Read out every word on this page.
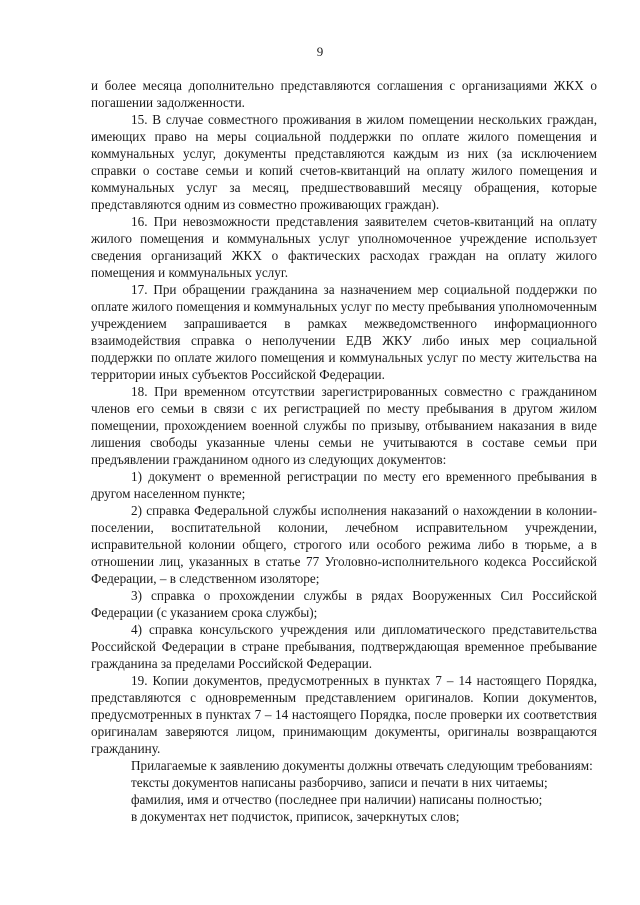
9

и более месяца дополнительно представляются соглашения с организациями ЖКХ о погашении задолженности.

15. В случае совместного проживания в жилом помещении нескольких граждан, имеющих право на меры социальной поддержки по оплате жилого помещения и коммунальных услуг, документы представляются каждым из них (за исключением справки о составе семьи и копий счетов-квитанций на оплату жилого помещения и коммунальных услуг за месяц, предшествовавший месяцу обращения, которые представляются одним из совместно проживающих граждан).

16. При невозможности представления заявителем счетов-квитанций на оплату жилого помещения и коммунальных услуг уполномоченное учреждение использует сведения организаций ЖКХ о фактических расходах граждан на оплату жилого помещения и коммунальных услуг.

17. При обращении гражданина за назначением мер социальной поддержки по оплате жилого помещения и коммунальных услуг по месту пребывания уполномоченным учреждением запрашивается в рамках межведомственного информационного взаимодействия справка о неполучении ЕДВ ЖКУ либо иных мер социальной поддержки по оплате жилого помещения и коммунальных услуг по месту жительства на территории иных субъектов Российской Федерации.

18. При временном отсутствии зарегистрированных совместно с гражданином членов его семьи в связи с их регистрацией по месту пребывания в другом жилом помещении, прохождением военной службы по призыву, отбыванием наказания в виде лишения свободы указанные члены семьи не учитываются в составе семьи при предъявлении гражданином одного из следующих документов:

1) документ о временной регистрации по месту его временного пребывания в другом населенном пункте;

2) справка Федеральной службы исполнения наказаний о нахождении в колонии-поселении, воспитательной колонии, лечебном исправительном учреждении, исправительной колонии общего, строгого или особого режима либо в тюрьме, а в отношении лиц, указанных в статье 77 Уголовно-исполнительного кодекса Российской Федерации, – в следственном изоляторе;

3) справка о прохождении службы в рядах Вооруженных Сил Российской Федерации (с указанием срока службы);

4) справка консульского учреждения или дипломатического представительства Российской Федерации в стране пребывания, подтверждающая временное пребывание гражданина за пределами Российской Федерации.

19. Копии документов, предусмотренных в пунктах 7 – 14 настоящего Порядка, представляются с одновременным представлением оригиналов. Копии документов, предусмотренных в пунктах 7 – 14 настоящего Порядка, после проверки их соответствия оригиналам заверяются лицом, принимающим документы, оригиналы возвращаются гражданину.

Прилагаемые к заявлению документы должны отвечать следующим требованиям:

тексты документов написаны разборчиво, записи и печати в них читаемы;

фамилия, имя и отчество (последнее при наличии) написаны полностью;

в документах нет подчисток, приписок, зачеркнутых слов;
